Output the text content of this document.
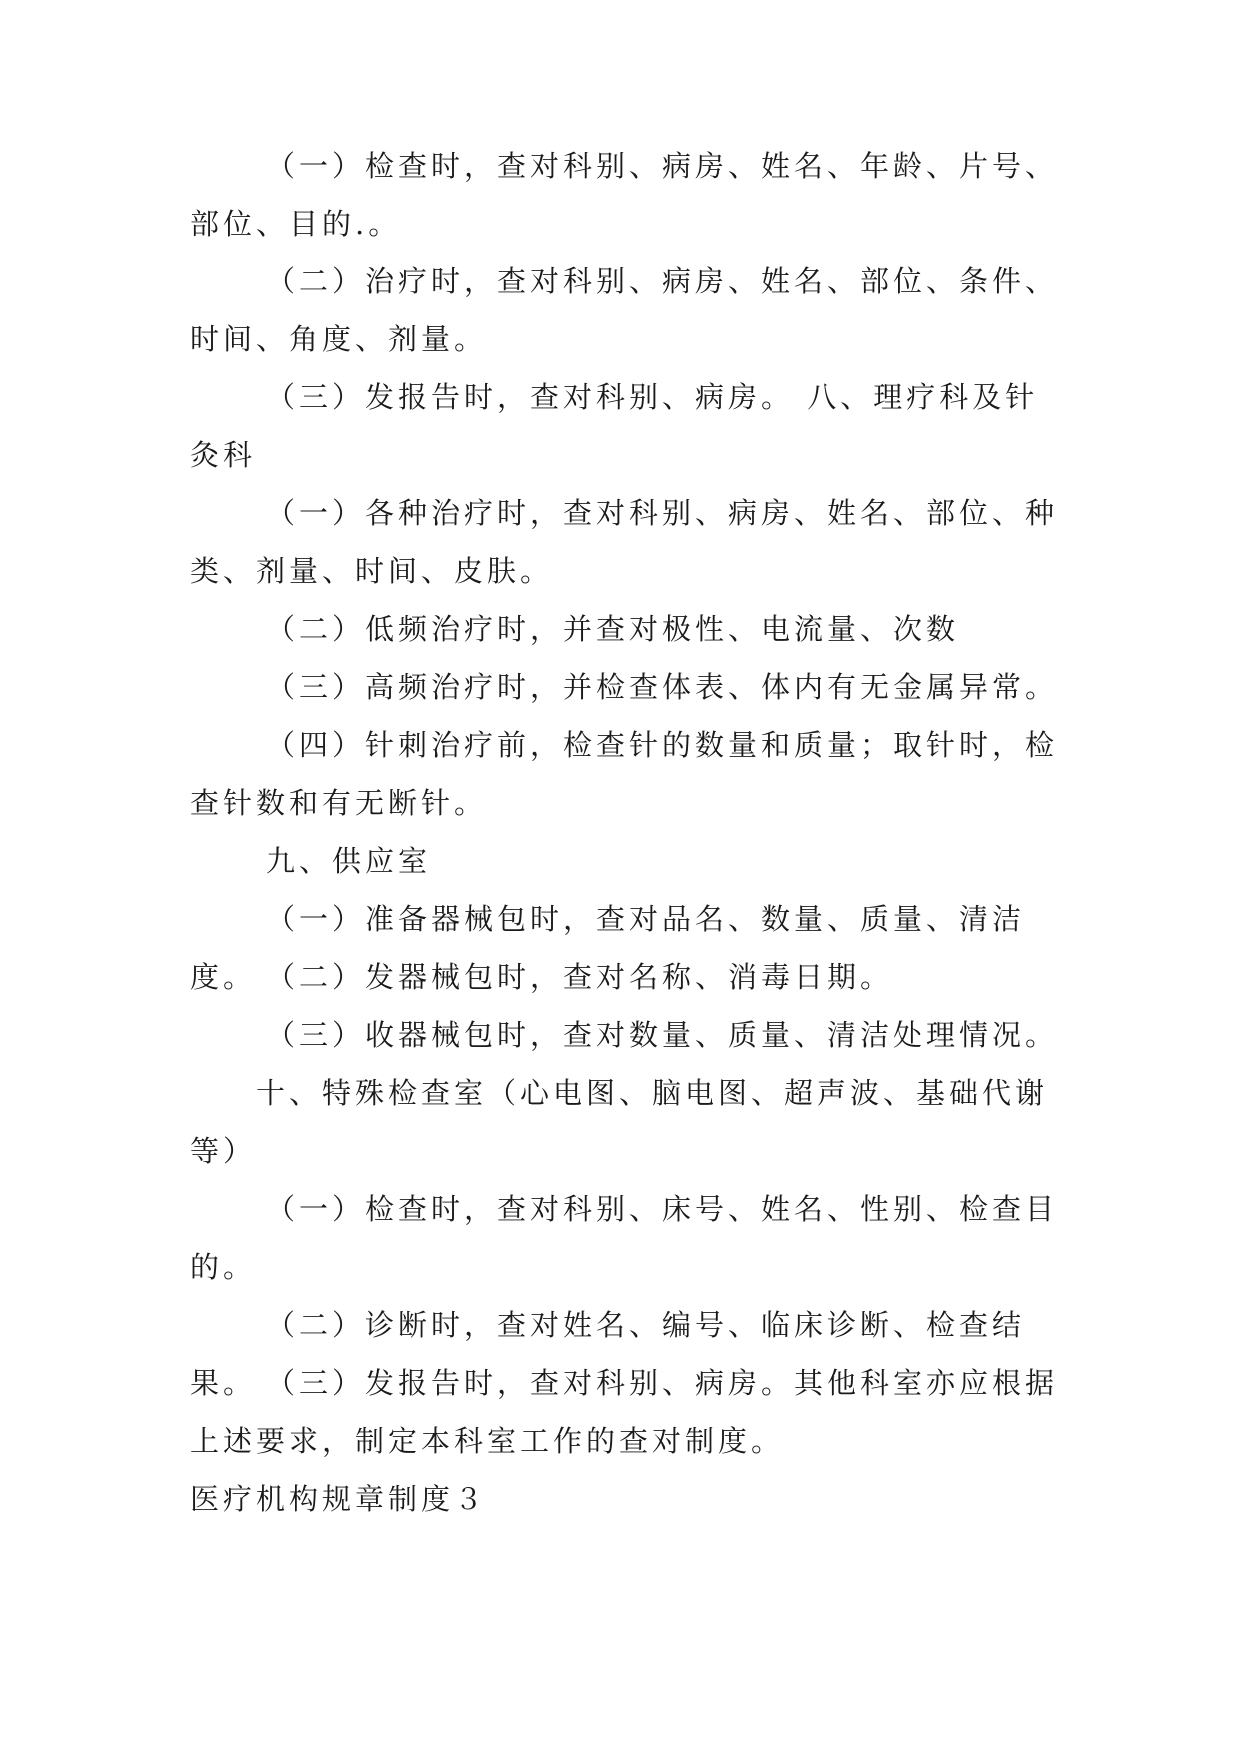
（一）检查时，查对科别、病房、姓名、年龄、片号、部位、目的.。

（二）治疗时，查对科别、病房、姓名、部位、条件、时间、角度、剂量。

（三）发报告时，查对科别、病房。 八、理疗科及针灸科

（一）各种治疗时，查对科别、病房、姓名、部位、种类、剂量、时间、皮肤。

（二）低频治疗时，并查对极性、电流量、次数

（三）高频治疗时，并检查体表、体内有无金属异常。

（四）针刺治疗前，检查针的数量和质量；取针时，检查针数和有无断针。

九、供应室

（一）准备器械包时，查对品名、数量、质量、清洁度。 （二）发器械包时，查对名称、消毒日期。

（三）收器械包时，查对数量、质量、清洁处理情况。

十、特殊检查室（心电图、脑电图、超声波、基础代谢等）

（一）检查时，查对科别、床号、姓名、性别、检查目的。

（二）诊断时，查对姓名、编号、临床诊断、检查结果。 （三）发报告时，查对科别、病房。其他科室亦应根据上述要求，制定本科室工作的查对制度。

医疗机构规章制度３
